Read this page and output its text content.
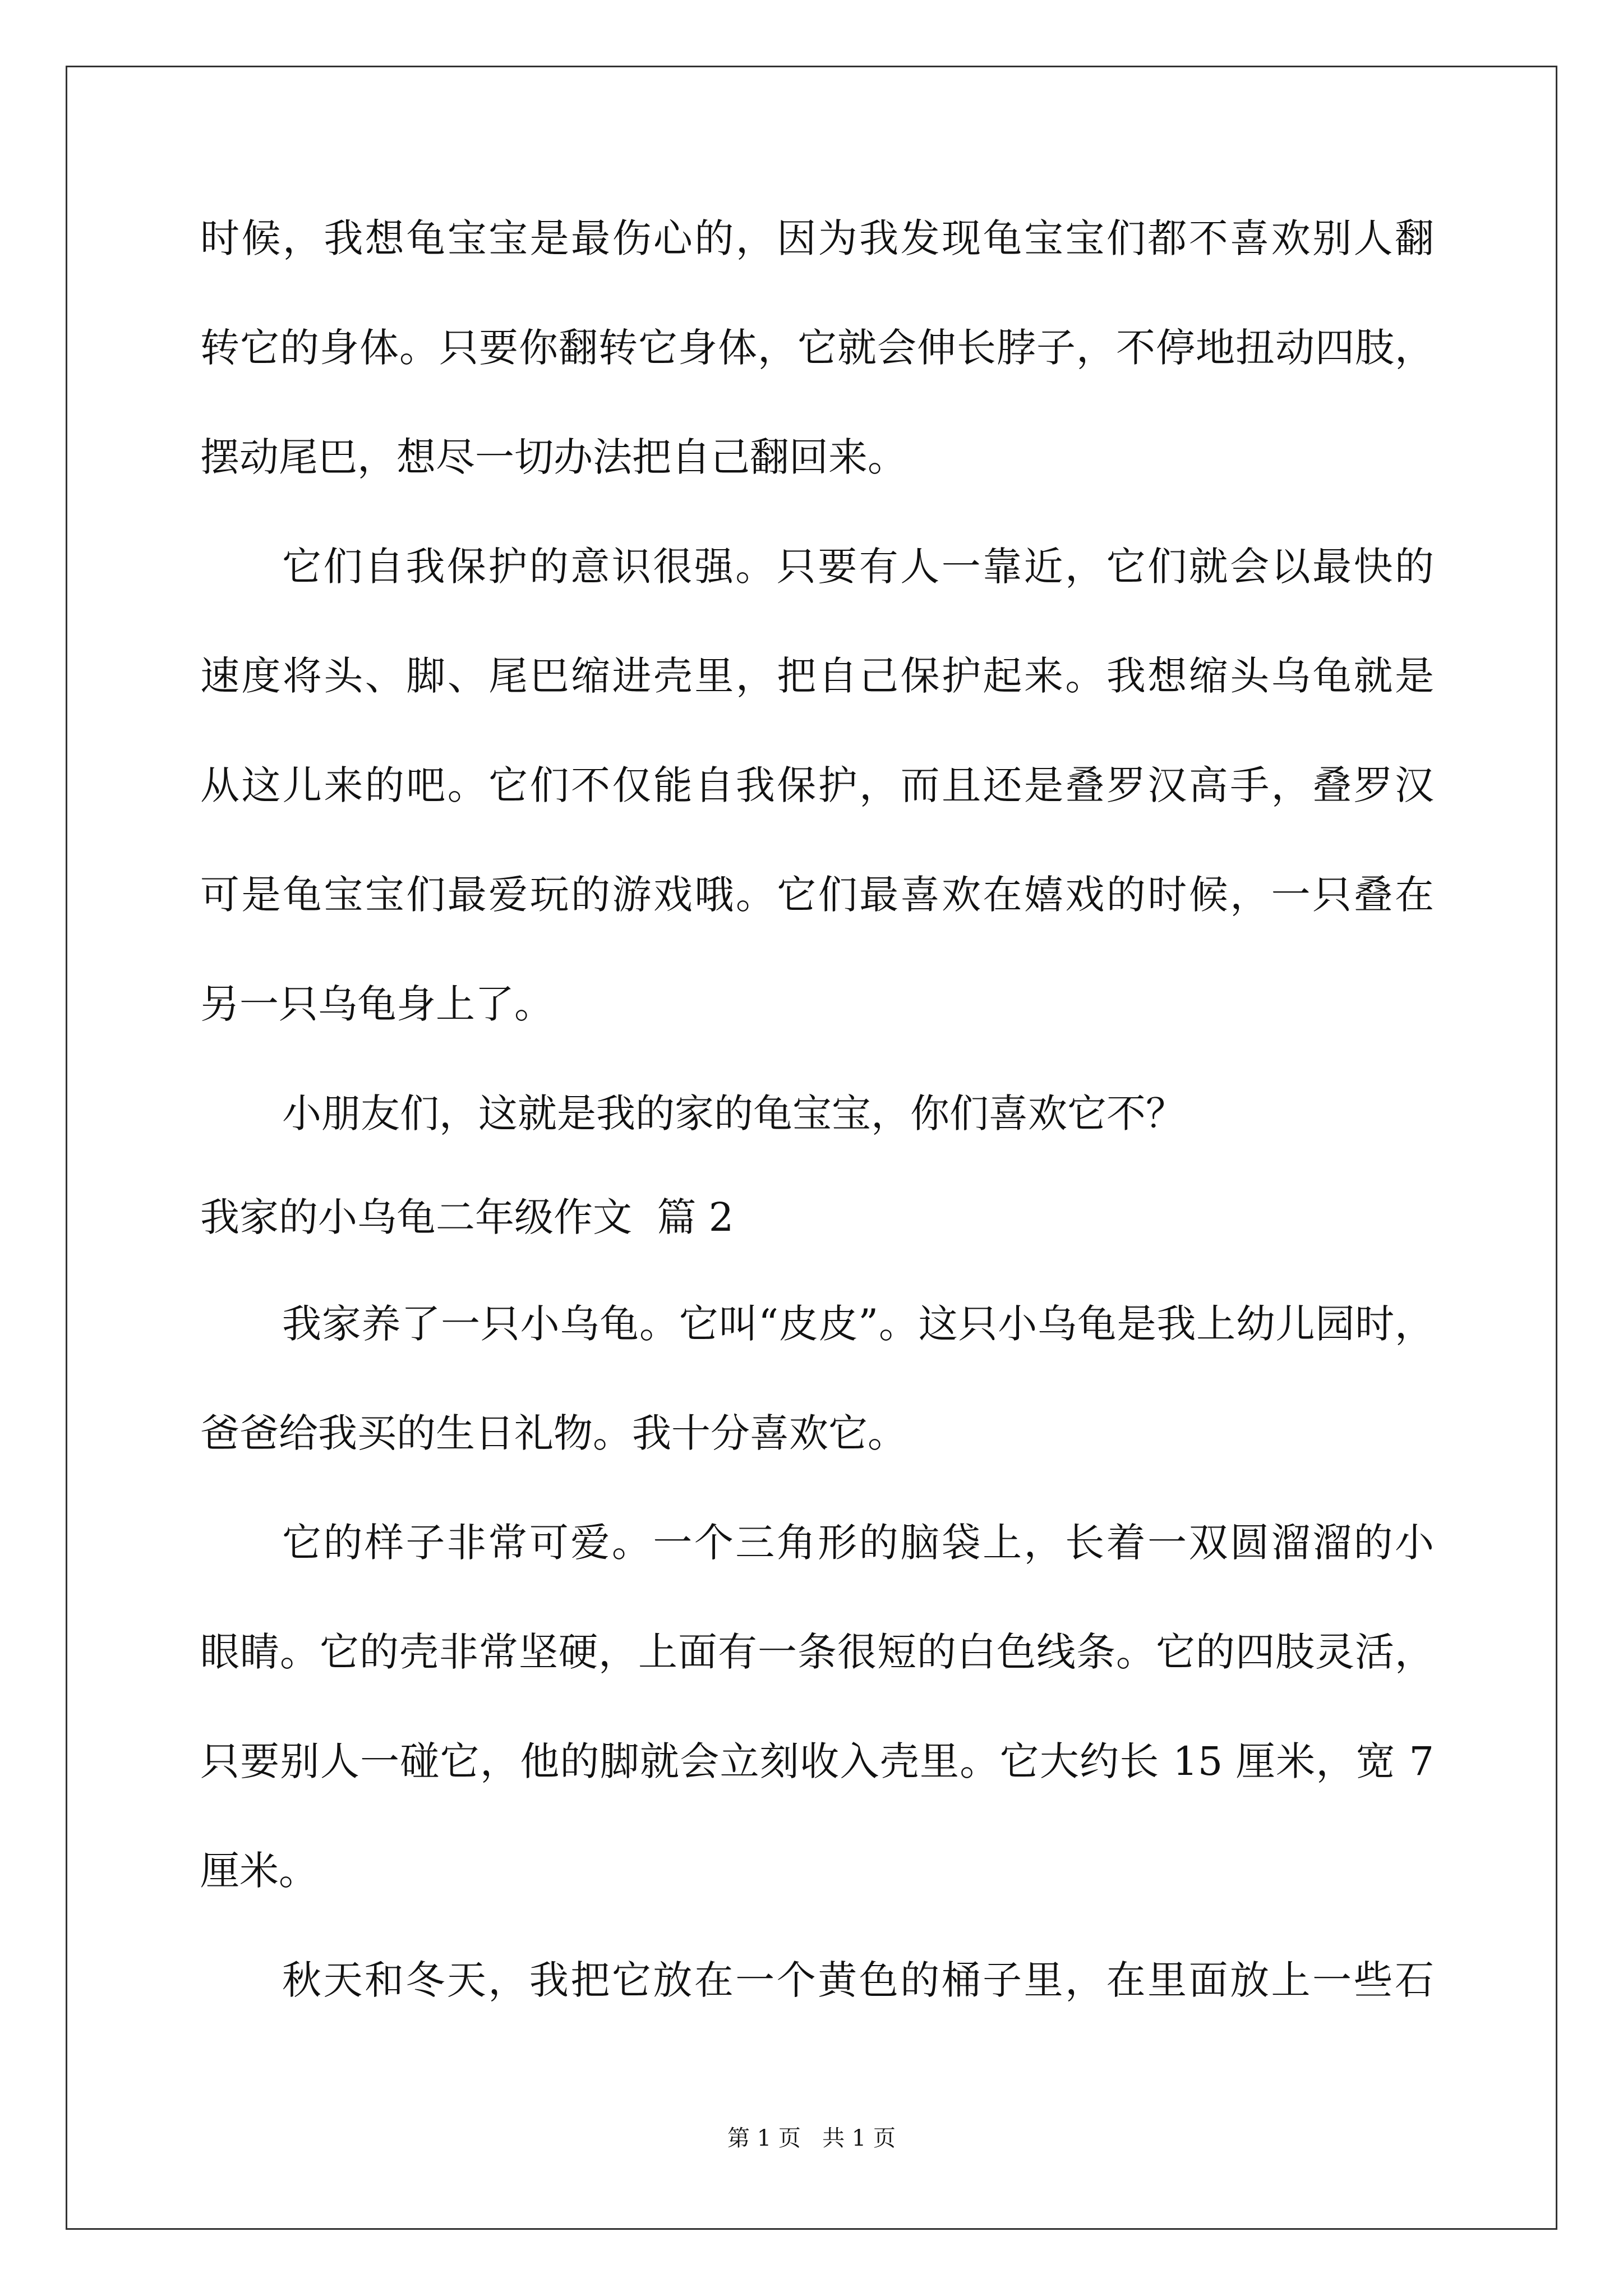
时候，我想龟宝宝是最伤心的，因为我发现龟宝宝们都不喜欢别人翻
转它的身体。只要你翻转它身体，它就会伸长脖子，不停地扭动四肢，
摆动尾巴，想尽一切办法把自己翻回来。
它们自我保护的意识很强。只要有人一靠近，它们就会以最快的
速度将头、脚、尾巴缩进壳里，把自己保护起来。我想缩头乌龟就是
从这儿来的吧。它们不仅能自我保护，而且还是叠罗汉高手，叠罗汉
可是龟宝宝们最爱玩的游戏哦。它们最喜欢在嬉戏的时候，一只叠在
另一只乌龟身上了。
小朋友们，这就是我的家的龟宝宝，你们喜欢它不？
我家的小乌龟二年级作文  篇 2
我家养了一只小乌龟。它叫“皮皮”。这只小乌龟是我上幼儿园时，
爸爸给我买的生日礼物。我十分喜欢它。
它的样子非常可爱。一个三角形的脑袋上，长着一双圆溜溜的小
眼睛。它的壳非常坚硬，上面有一条很短的白色线条。它的四肢灵活，
只要别人一碰它，他的脚就会立刻收入壳里。它大约长 15 厘米，宽 7
厘米。
秋天和冬天，我把它放在一个黄色的桶子里，在里面放上一些石
第 1 页   共 1 页
